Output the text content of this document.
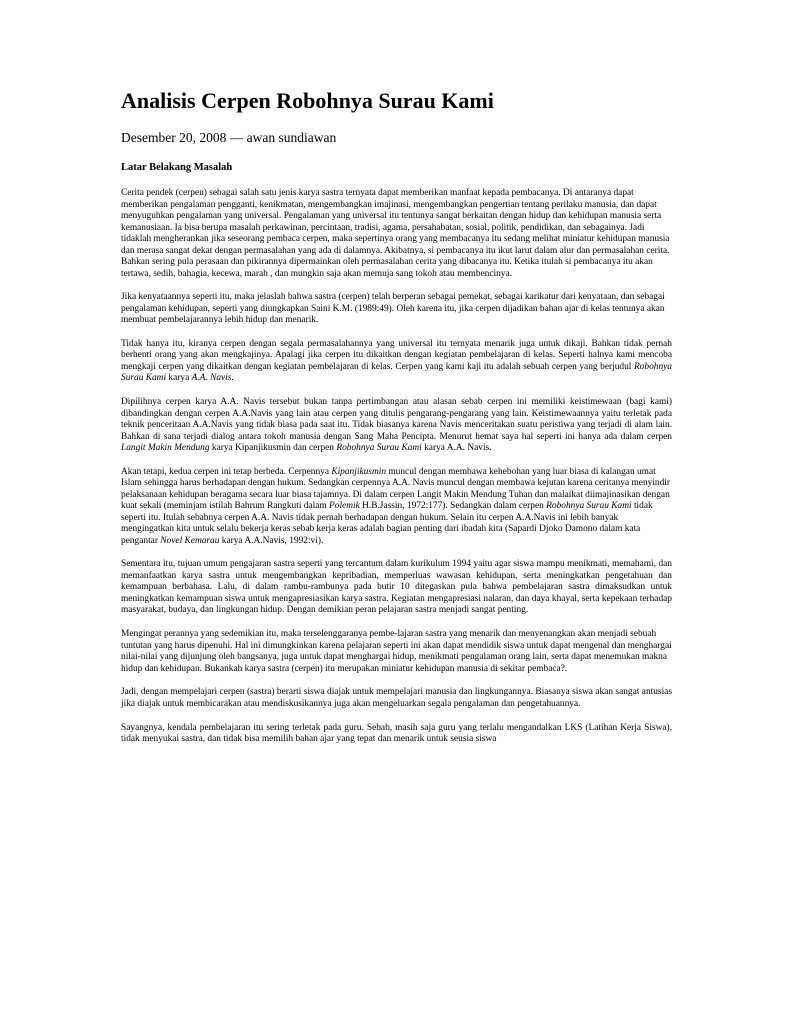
Analisis Cerpen Robohnya Surau Kami
Desember 20, 2008 — awan sundiawan
Latar Belakang Masalah

Cerita pendek (cerpen) sebagai salah satu jenis karya sastra ternyata dapat memberikan manfaat kepada pembacanya. Di antaranya dapat memberikan pengalaman pengganti, kenikmatan, mengembangkan imajinasi, mengembangkan pengertian tentang perilaku manusia, dan dapat menyuguhkan pengalaman yang universal. Pengalaman yang universal itu tentunya sangat berkaitan dengan hidup dan kehidupan manusia serta kemanusiaan. Ia bisa berupa masalah perkawinan, percintaan, tradisi, agama, persahabatan, sosial, politik, pendidikan, dan sebagainya. Jadi tidaklah mengherankan jika seseorang pembaca cerpen, maka sepertinya orang yang membacanya itu sedang melihat miniatur kehidupan manusia dan merasa sangat dekat dengan permasalahan yang ada di dalamnya. Akibatnya, si pembacanya itu ikut larut dalam alur dan permasalahan cerita. Bahkan sering pula perasaan dan pikirannya dipermainkan oleh permasalahan cerita yang dibacanya itu. Ketika itulah si pembacanya itu akan tertawa, sedih, bahagia, kecewa, marah , dan mungkin saja akan memuja sang tokoh atau membencinya.

Jika kenyataannya seperti itu, maka jelaslah bahwa sastra (cerpen) telah berperan sebagai pemekat, sebagai karikatur dari kenyataan, dan sebagai pengalaman kehidupan, seperti yang diungkapkan Saini K.M. (1989:49). Oleh karena itu, jika cerpen dijadikan bahan ajar di kelas tentunya akan membuat pembelajarannya lebih hidup dan menarik.

Tidak hanya itu, kiranya cerpen dengan segala permasalahannya yang universal itu ternyata menarik juga untuk dikaji. Bahkan tidak pernah berhenti orang yang akan mengkajinya. Apalagi jika cerpen itu dikaitkan dengan kegiatan pembelajaran di kelas. Seperti halnya kami mencoba mengkaji cerpen yang dikaitkan dengan kegiatan pembelajaran di kelas. Cerpen yang kami kaji itu adalah sebuah cerpen yang berjudul Robohnya Surau Kami karya A.A. Navis.

Dipilihnya cerpen karya A.A. Navis tersebut bukan tanpa pertimbangan atau alasan sebab cerpen ini memiliki keistimewaan (bagi kami) dibandingkan dengan cerpen A.A.Navis yang lain atau cerpen yang ditulis pengarang-pengarang yang lain. Keistimewaannya yaitu terletak pada teknik penceritaan A.A.Navis yang tidak biasa pada saat itu. Tidak biasanya karena Navis menceritakan suatu peristiwa yang terjadi di alam lain. Bahkan di sana terjadi dialog antara tokoh manusia dengan Sang Maha Pencipta. Menurut hemat saya hal seperti ini hanya ada dalam cerpen Langit Makin Mendung karya Kipanjikusmin dan cerpen Robohnya Surau Kami karya A.A. Navis.

Akan tetapi, kedua cerpen ini tetap berbeda. Cerpennya Kipanjikusmin muncul dengan membawa kehebohan yang luar biasa di kalangan umat Islam sehingga harus berhadapan dengan hukum. Sedangkan cerpennya A.A. Navis muncul dengan membawa kejutan karena ceritanya menyindir pelaksanaan kehidupan beragama secara luar biasa tajamnya. Di dalam cerpen Langit Makin Mendung Tuhan dan malaikat diimajinasikan dengan kuat sekali (meminjam istilah Bahrum Rangkuti dalam Polemik H.B.Jassin, 1972:177). Sedangkan dalam cerpen Robohnya Surau Kami tidak seperti itu. Itulah sebabnya cerpen A.A. Navis tidak pernah berhadapan dengan hukum. Selain itu cerpen A.A.Navis ini lebih banyak mengingatkan kita untuk selalu bekerja keras sebab kerja keras adalah bagian penting dari ibadah kita (Sapardi Djoko Damono dalam kata pengantar Novel Kemarau karya A.A.Navis, 1992:vi).

Sementara itu, tujuan umum pengajaran sastra seperti yang tercantum dalam kurikulum 1994 yaitu agar siswa mampu menikmati, memahami, dan memanfaatkan karya sastra untuk mengembangkan kepribadian, memperluas wawasan kehidupan, serta meningkatkan pengetahuan dan kemampuan berbahasa. Lalu, di dalam rambu-rambunya pada butir 10 ditegaskan pula bahwa pembelajaran sastra dimaksudkan untuk meningkatkan kemampuan siswa untuk mengapresiasikan karya sastra. Kegiatan mengapresiasi nalaran, dan daya khayal, serta kepekaan terhadap masyarakat, budaya, dan lingkungan hidup. Dengan demikian peran pelajaran sastra menjadi sangat penting.

Mengingat perannya yang sedemikian itu, maka terselenggaranya pembe-lajaran sastra yang menarik dan menyenangkan akan menjadi sebuah tuntutan yang harus dipenuhi. Hal ini dimungkinkan karena pelajaran seperti ini akan dapat mendidik siswa untuk dapat mengenal dan menghargai nilai-nilai yang dijunjung oleh bangsanya, juga untuk dapat menghargai hidup, menikmati pengalaman orang lain, serta dapat menemukan makna hidup dan kehidupan. Bukankah karya sastra (cerpen) itu merupakan miniatur kehidupan manusia di sekitar pembaca?.

Jadi, dengan mempelajari cerpen (sastra) berarti siswa diajak untuk mempelajari manusia dan lingkungannya. Biasanya siswa akan sangat antusias jika diajak untuk membicarakan atau mendiskusikannya juga akan mengeluarkan segala pengalaman dan pengetahuannya.

Sayangnya, kendala pembelajaran itu sering terletak pada guru. Sebab, masih saja guru yang terlalu mengandalkan LKS (Latihan Kerja Siswa), tidak menyukai sastra, dan tidak bisa memilih bahan ajar yang tepat dan menarik untuk seusia siswa
